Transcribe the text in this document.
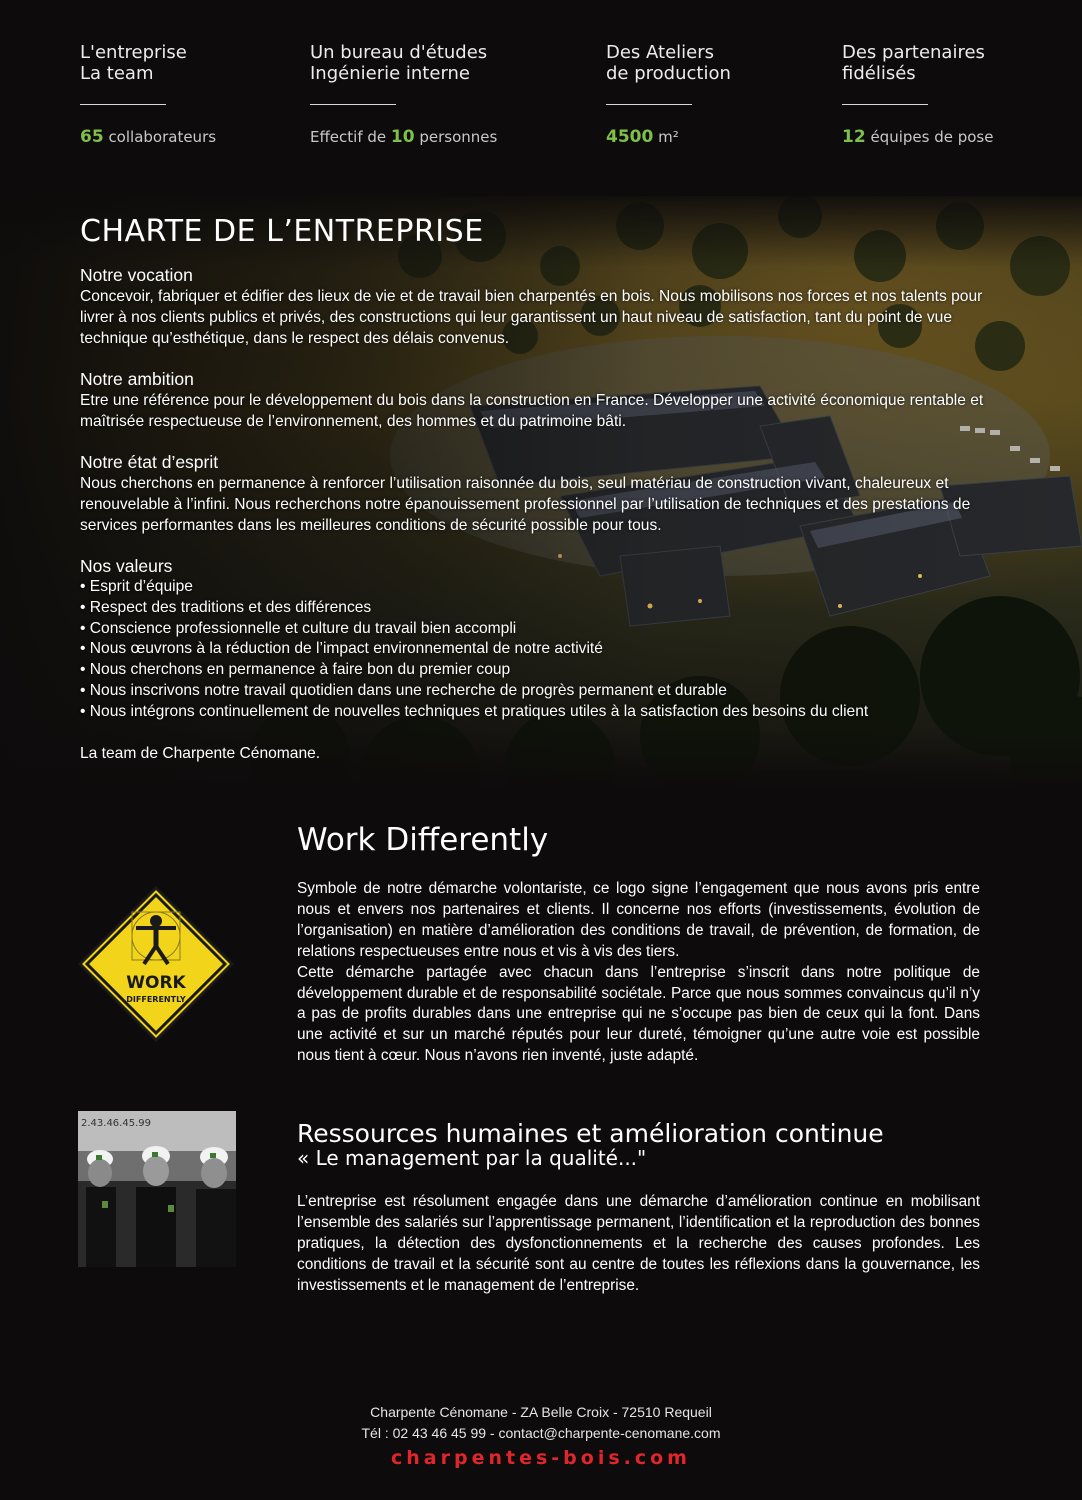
L'entreprise
La team

65 collaborateurs

Un bureau d'études
Ingénierie interne

Effectif de 10 personnes

Des Ateliers
de production

4500 m²

Des partenaires
fidélisés

12 équipes de pose
CHARTE DE L’ENTREPRISE

Notre vocation

Concevoir, fabriquer et édifier des lieux de vie et de travail bien charpentés en bois. Nous mobilisons nos forces et nos talents pour livrer à nos clients publics et privés, des constructions qui leur garantissent un haut niveau de satisfaction, tant du point de vue technique qu’esthétique, dans le respect des délais convenus.

Notre ambition

Etre une référence pour le développement du bois dans la construction en France. Développer une activité économique rentable et maîtrisée respectueuse de l’environnement, des hommes et du patrimoine bâti.

Notre état d’esprit

Nous cherchons en permanence à renforcer l’utilisation raisonnée du bois, seul matériau de construction vivant, chaleureux et renouvelable à l’infini. Nous recherchons notre épanouissement professionnel par l’utilisation de techniques et des prestations de services performantes dans les meilleures conditions de sécurité possible pour tous.

Nos valeurs

• Esprit d’équipe
• Respect des traditions et des différences
• Conscience professionnelle et culture du travail bien accompli
• Nous œuvrons à la réduction de l’impact environnemental de notre activité
• Nous cherchons en permanence à faire bon du premier coup
• Nous inscrivons notre travail quotidien dans une recherche de progrès permanent et durable
• Nous intégrons continuellement de nouvelles techniques et pratiques utiles à la satisfaction des besoins du client

La team de Charpente Cénomane.

WORK
DIFFERENTLY
Work Differently
Symbole de notre démarche volontariste, ce logo signe l’engagement que nous avons pris entre nous et envers nos partenaires et clients. Il concerne nos efforts (investissements, évolution de l’organisation) en matière d’amélioration des conditions de travail, de prévention, de formation, de relations respectueuses entre nous et vis à vis des tiers.
Cette démarche partagée avec chacun dans l’entreprise s’inscrit dans notre politique de développement durable et de responsabilité sociétale. Parce que nous sommes convaincus qu’il n’y a pas de profits durables dans une entreprise qui ne s’occupe pas bien de ceux qui la font. Dans une activité et sur un marché réputés pour leur dureté, témoigner qu’une autre voie est possible nous tient à cœur. Nous n’avons rien inventé, juste adapté.
2.43.46.45.99	Ressources humaines et amélioration continue

« Le management par la qualité..."

L’entreprise est résolument engagée dans une démarche d’amélioration continue en mobilisant l’ensemble des salariés sur l’apprentissage permanent, l’identification et la reproduction des bonnes pratiques, la détection des dysfonctionnements et la recherche des causes profondes. Les conditions de travail et la sécurité sont au centre de toutes les réflexions dans la gouvernance, les investissements et le management de l’entreprise.

Charpente Cénomane - ZA Belle Croix - 72510 Requeil

Tél : 02 43 46 45 99 - contact@charpente-cenomane.com

charpentes-bois.com
